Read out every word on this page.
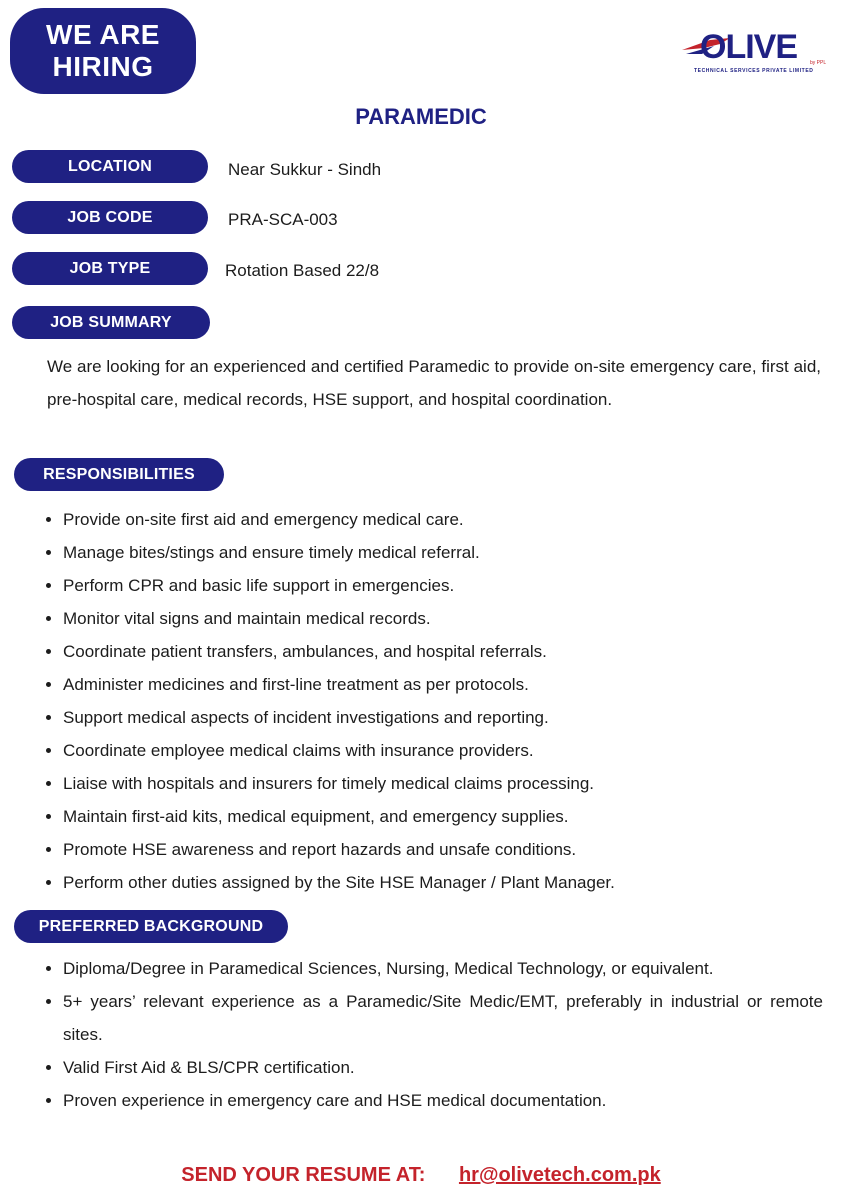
WE ARE
HIRING
OLIVE	by PPL
TECHNICAL SERVICES PRIVATE LIMITED
PARAMEDIC
LOCATION	Near Sukkur - Sindh
JOB CODE	PRA-SCA-003
JOB TYPE	Rotation Based 22/8
JOB SUMMARY

We are looking for an experienced and certified Paramedic to provide on-site emergency care, first aid, pre-hospital care, medical records, HSE support, and hospital coordination.

RESPONSIBILITIES
Provide on-site first aid and emergency medical care.
Manage bites/stings and ensure timely medical referral.
Perform CPR and basic life support in emergencies.
Monitor vital signs and maintain medical records.
Coordinate patient transfers, ambulances, and hospital referrals.
Administer medicines and first-line treatment as per protocols.
Support medical aspects of incident investigations and reporting.
Coordinate employee medical claims with insurance providers.
Liaise with hospitals and insurers for timely medical claims processing.
Maintain first-aid kits, medical equipment, and emergency supplies.
Promote HSE awareness and report hazards and unsafe conditions.
Perform other duties assigned by the Site HSE Manager / Plant Manager.
PREFERRED BACKGROUND
Diploma/Degree in Paramedical Sciences, Nursing, Medical Technology, or equivalent.
5+ years’ relevant experience as a Paramedic/Site Medic/EMT, preferably in industrial or remote sites.
Valid First Aid & BLS/CPR certification.
Proven experience in emergency care and HSE medical documentation.
SEND YOUR RESUME AT: hr@olivetech.com.pk
